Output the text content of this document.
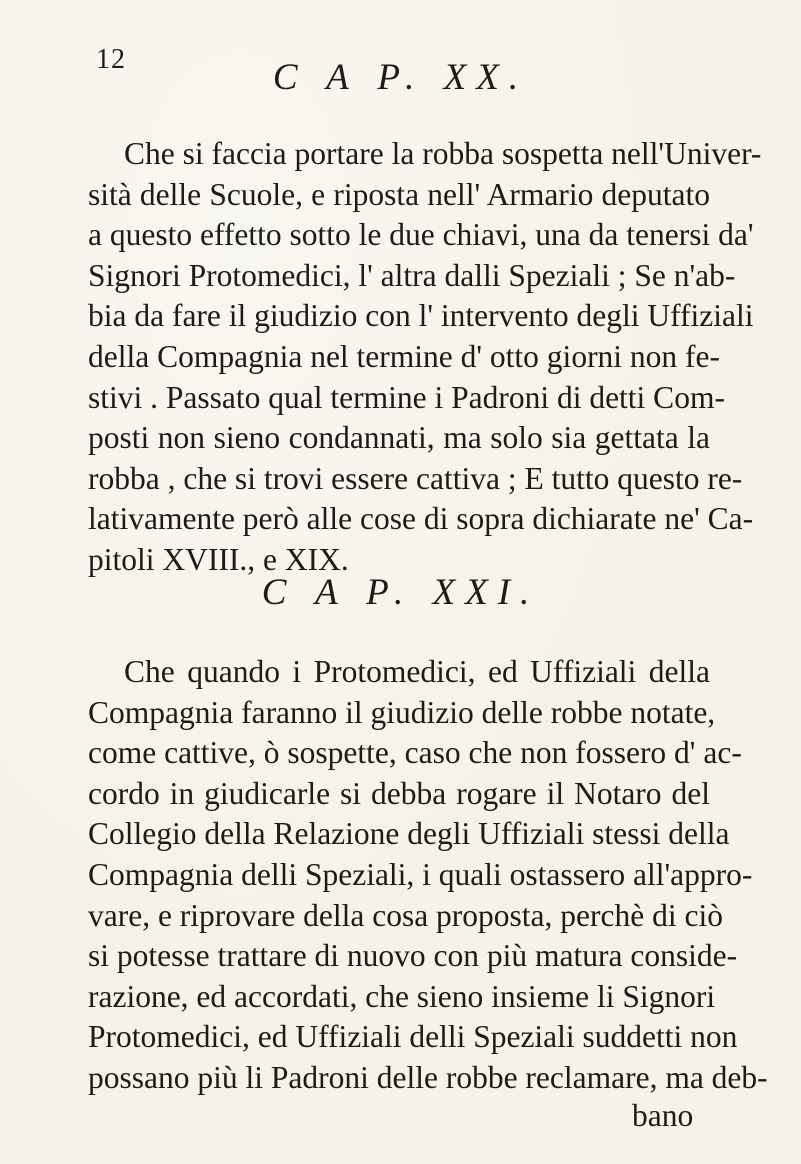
12	C A P. XX.
Che si faccia portare la robba sospetta nell'Univer-
sità delle Scuole, e riposta nell' Armario deputato
a questo effetto sotto le due chiavi, una da tenersi da'
Signori Protomedici, l' altra dalli Speziali ; Se n'ab-
bia da fare il giudizio con l' intervento degli Uffiziali
della Compagnia nel termine d' otto giorni non fe-
stivi . Passato qual termine i Padroni di detti Com-
posti non sieno condannati, ma solo sia gettata la
robba , che si trovi essere cattiva ; E tutto questo re-
lativamente però alle cose di sopra dichiarate ne' Ca-
pitoli XVIII., e XIX.
C A P. XXI.
Che quando i Protomedici, ed Uffiziali della
Compagnia faranno il giudizio delle robbe notate,
come cattive, ò sospette, caso che non fossero d' ac-
cordo in giudicarle si debba rogare il Notaro del
Collegio della Relazione degli Uffiziali stessi della
Compagnia delli Speziali, i quali ostassero all'appro-
vare, e riprovare della cosa proposta, perchè di ciò
si potesse trattare di nuovo con più matura conside-
razione, ed accordati, che sieno insieme li Signori
Protomedici, ed Uffiziali delli Speziali suddetti non
possano più li Padroni delle robbe reclamare, ma deb-
bano
